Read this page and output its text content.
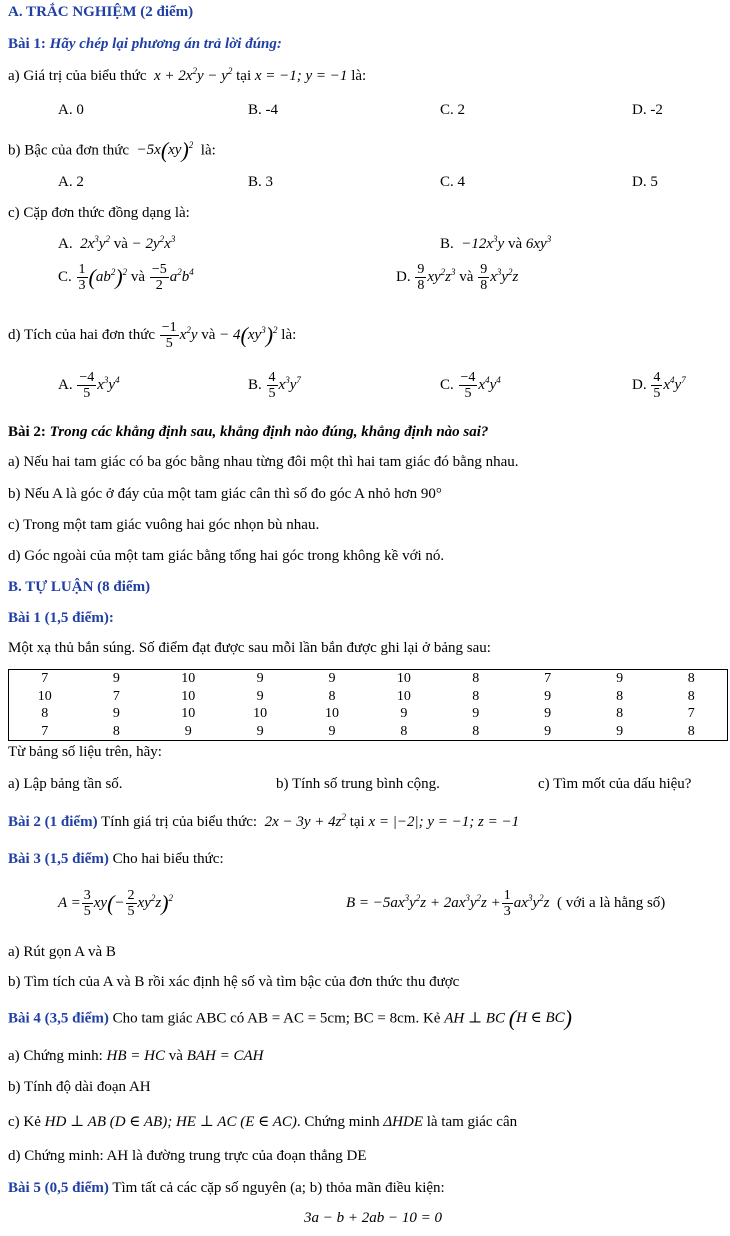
A. TRẮC NGHIỆM (2 điểm)
Bài 1: Hãy chép lại phương án trả lời đúng:
a) Giá trị của biểu thức  $x + 2x^2y - y^2$ tại x = −1; y = −1 là:
A. 0	B. -4	C. 2	D. -2
b) Bậc của đơn thức  −5x(xy)$^2$ là:
A. 2	B. 3	C. 4	D. 5
c) Cặp đơn thức đồng dạng là:
A.  $2x^3y^2$ và − $2y^2x^3$	B.  $-12x^3y$ và $6xy^3$
C. $\frac{1}{3} (ab^2)^2$ và $\frac{-5}{2} a^2b^4$	D. $\frac{9}{8} xy^2z^3$ và $\frac{9}{8} x^3y^2z$
d) Tích của hai đơn thức $\frac{-1}{5} x^2y$ và − $4(xy^3)^2$ là:
A. $\frac{-4}{5} x^3y^4$	B. $\frac{4}{5} x^3y^7$	C. $\frac{-4}{5} x^4y^4$	D. $\frac{4}{5} x^4y^7$
Bài 2: Trong các khẳng định sau, khẳng định nào đúng, khẳng định nào sai?
a) Nếu hai tam giác có ba góc bằng nhau từng đôi một thì hai tam giác đó bằng nhau.
b) Nếu A là góc ở đáy của một tam giác cân thì số đo góc A nhỏ hơn 90°
c) Trong một tam giác vuông hai góc nhọn bù nhau.
d) Góc ngoài của một tam giác bằng tổng hai góc trong không kề với nó.
B. TỰ LUẬN (8 điểm)
Bài 1 (1,5 điểm):
Một xạ thủ bắn súng. Số điểm đạt được sau mỗi lần bắn được ghi lại ở bảng sau:
7	9	10	9	9	10	8	7	9	8
10	7	10	9	8	10	8	9	8	8
8	9	10	10	10	9	9	9	8	7
7	8	9	9	9	8	8	9	9	8
Từ bảng số liệu trên, hãy:
a) Lập bảng tần số.	b) Tính số trung bình cộng.	c) Tìm mốt của dấu hiệu?
Bài 2 (1 điểm) Tính giá trị của biểu thức:  $2x - 3y + 4z^2$ tại x = |−2|; y = −1; z = −1
Bài 3 (1,5 điểm) Cho hai biểu thức:
$A = \frac{3}{5} xy(- \frac{2}{5} xy^2z)^2$	$B = -5ax^3y^2z + 2ax^3y^2z + \frac{1}{3} ax^3y^2z$ ( với a là hằng số)
a) Rút gọn A và B
b) Tìm tích của A và B rồi xác định hệ số và tìm bậc của đơn thức thu được
Bài 4 (3,5 điểm) Cho tam giác ABC có AB = AC = 5cm; BC = 8cm. Kẻ AH ⊥ BC (H ∈ BC)
a) Chứng minh: HB = HC và BAH = CAH
b) Tính độ dài đoạn AH
c) Kẻ HD ⊥ AB (D ∈ AB); HE ⊥ AC (E ∈ AC). Chứng minh ΔHDE là tam giác cân
d) Chứng minh: AH là đường trung trực của đoạn thẳng DE
Bài 5 (0,5 điểm) Tìm tất cả các cặp số nguyên (a; b) thỏa mãn điều kiện:
3a − b + 2ab − 10 = 0
